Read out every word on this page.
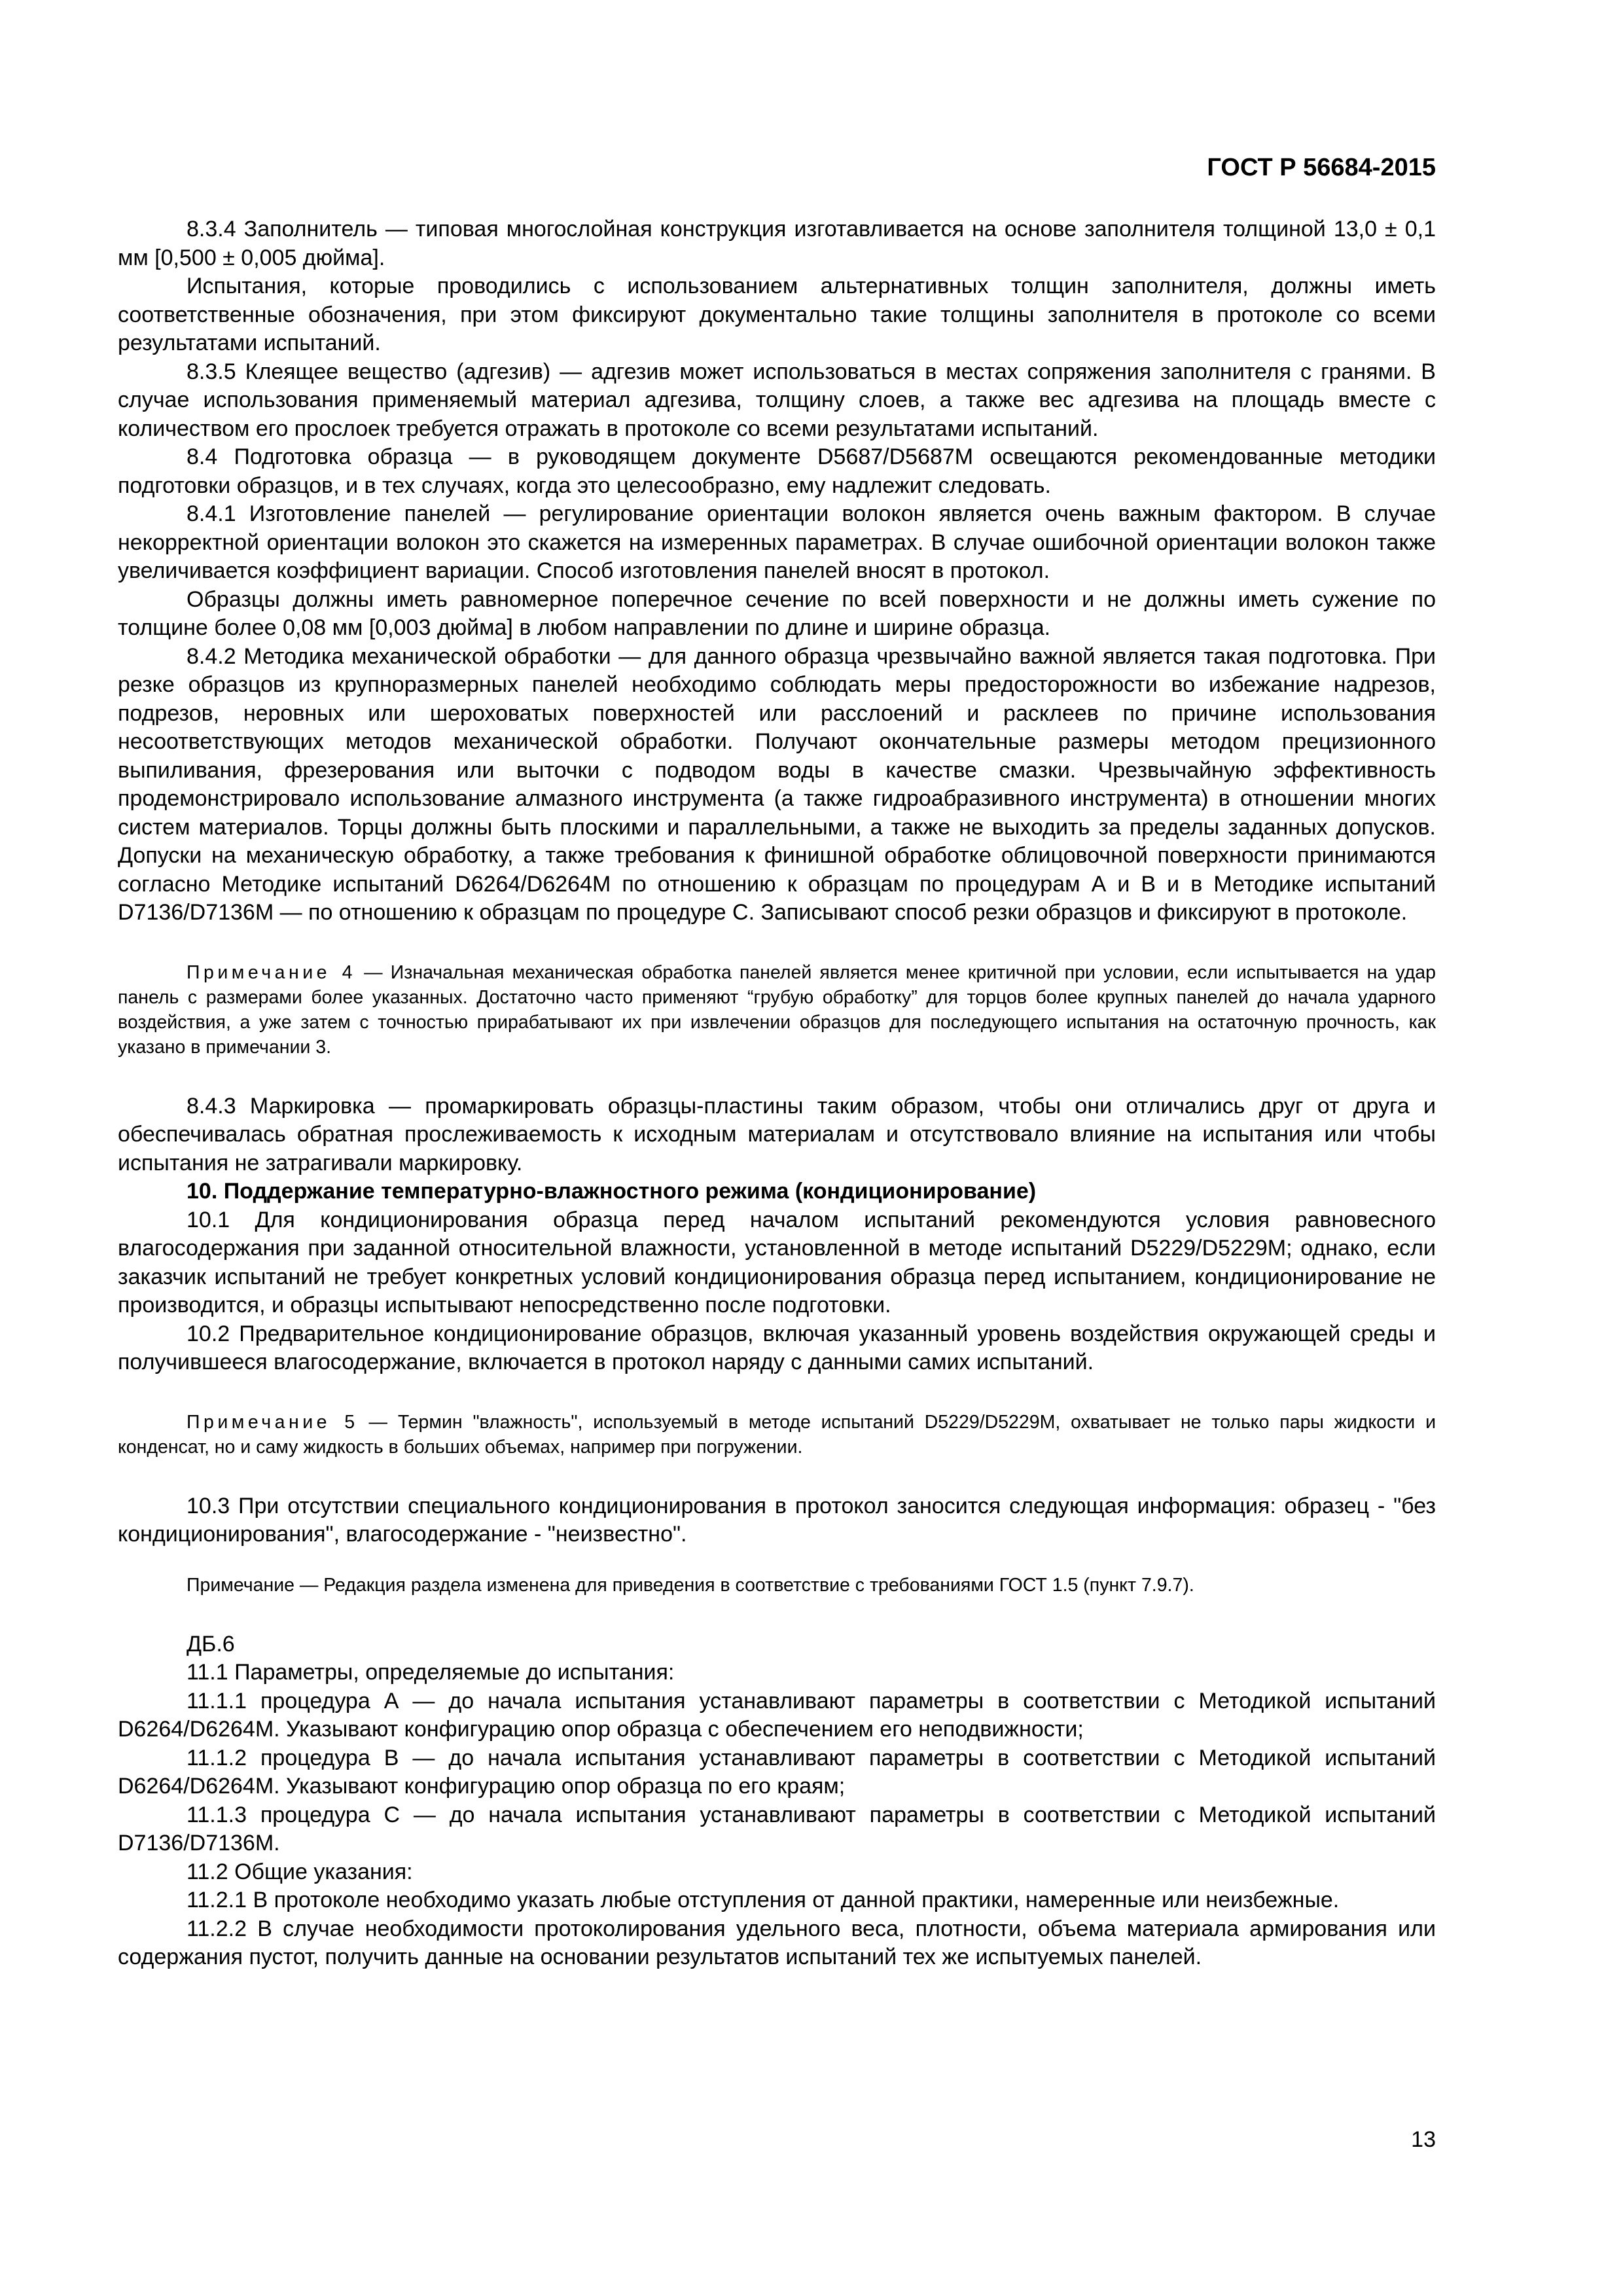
ГОСТ Р 56684-2015

8.3.4 Заполнитель — типовая многослойная конструкция изготавливается на основе заполнителя толщиной 13,0 ± 0,1 мм [0,500 ± 0,005 дюйма].

Испытания, которые проводились с использованием альтернативных толщин заполнителя, должны иметь соответственные обозначения, при этом фиксируют документально такие толщины заполнителя в протоколе со всеми результатами испытаний.

8.3.5 Клеящее вещество (адгезив) — адгезив может использоваться в местах сопряжения заполнителя с гранями. В случае использования применяемый материал адгезива, толщину слоев, а также вес адгезива на площадь вместе с количеством его прослоек требуется отражать в протоколе со всеми результатами испытаний.

8.4 Подготовка образца — в руководящем документе D5687/D5687M освещаются рекомендованные методики подготовки образцов, и в тех случаях, когда это целесообразно, ему надлежит следовать.

8.4.1 Изготовление панелей — регулирование ориентации волокон является очень важным фактором. В случае некорректной ориентации волокон это скажется на измеренных параметрах. В случае ошибочной ориентации волокон также увеличивается коэффициент вариации. Способ изготовления панелей вносят в протокол.

Образцы должны иметь равномерное поперечное сечение по всей поверхности и не должны иметь сужение по толщине более 0,08 мм [0,003 дюйма] в любом направлении по длине и ширине образца.

8.4.2 Методика механической обработки — для данного образца чрезвычайно важной является такая подготовка. При резке образцов из крупноразмерных панелей необходимо соблюдать меры предосторожности во избежание надрезов, подрезов, неровных или шероховатых поверхностей или расслоений и расклеев по причине использования несоответствующих методов механической обработки. Получают окончательные размеры методом прецизионного выпиливания, фрезерования или выточки с подводом воды в качестве смазки. Чрезвычайную эффективность продемонстрировало использование алмазного инструмента (а также гидроабразивного инструмента) в отношении многих систем материалов. Торцы должны быть плоскими и параллельными, а также не выходить за пределы заданных допусков. Допуски на механическую обработку, а также требования к финишной обработке облицовочной поверхности принимаются согласно Методике испытаний D6264/D6264M по отношению к образцам по процедурам А и В и в Методике испытаний D7136/D7136M — по отношению к образцам по процедуре С. Записывают способ резки образцов и фиксируют в протоколе.

Примечание 4 — Изначальная механическая обработка панелей является менее критичной при условии, если испытывается на удар панель с размерами более указанных. Достаточно часто применяют “грубую обработку” для торцов более крупных панелей до начала ударного воздействия, а уже затем с точностью прирабатывают их при извлечении образцов для последующего испытания на остаточную прочность, как указано в примечании 3.

8.4.3 Маркировка — промаркировать образцы-пластины таким образом, чтобы они отличались друг от друга и обеспечивалась обратная прослеживаемость к исходным материалам и отсутствовало влияние на испытания или чтобы испытания не затрагивали маркировку.

10. Поддержание температурно-влажностного режима (кондиционирование)

10.1 Для кондиционирования образца перед началом испытаний рекомендуются условия равновесного влагосодержания при заданной относительной влажности, установленной в методе испытаний D5229/D5229M; однако, если заказчик испытаний не требует конкретных условий кондиционирования образца перед испытанием, кондиционирование не производится, и образцы испытывают непосредственно после подготовки.

10.2 Предварительное кондиционирование образцов, включая указанный уровень воздействия окружающей среды и получившееся влагосодержание, включается в протокол наряду с данными самих испытаний.

Примечание 5 — Термин "влажность", используемый в методе испытаний D5229/D5229M, охватывает не только пары жидкости и конденсат, но и саму жидкость в больших объемах, например при погружении.

10.3 При отсутствии специального кондиционирования в протокол заносится следующая информация: образец - "без кондиционирования", влагосодержание - "неизвестно".

Примечание — Редакция раздела изменена для приведения в соответствие с требованиями ГОСТ 1.5 (пункт 7.9.7).

ДБ.6

11.1 Параметры, определяемые до испытания:

11.1.1 процедура А — до начала испытания устанавливают параметры в соответствии с Методикой испытаний D6264/D6264M. Указывают конфигурацию опор образца с обеспечением его неподвижности;

11.1.2 процедура В — до начала испытания устанавливают параметры в соответствии с Методикой испытаний D6264/D6264M. Указывают конфигурацию опор образца по его краям;

11.1.3 процедура С — до начала испытания устанавливают параметры в соответствии с Методикой испытаний D7136/D7136M.

11.2 Общие указания:

11.2.1 В протоколе необходимо указать любые отступления от данной практики, намеренные или неизбежные.

11.2.2 В случае необходимости протоколирования удельного веса, плотности, объема материала армирования или содержания пустот, получить данные на основании результатов испытаний тех же испытуемых панелей.

13
